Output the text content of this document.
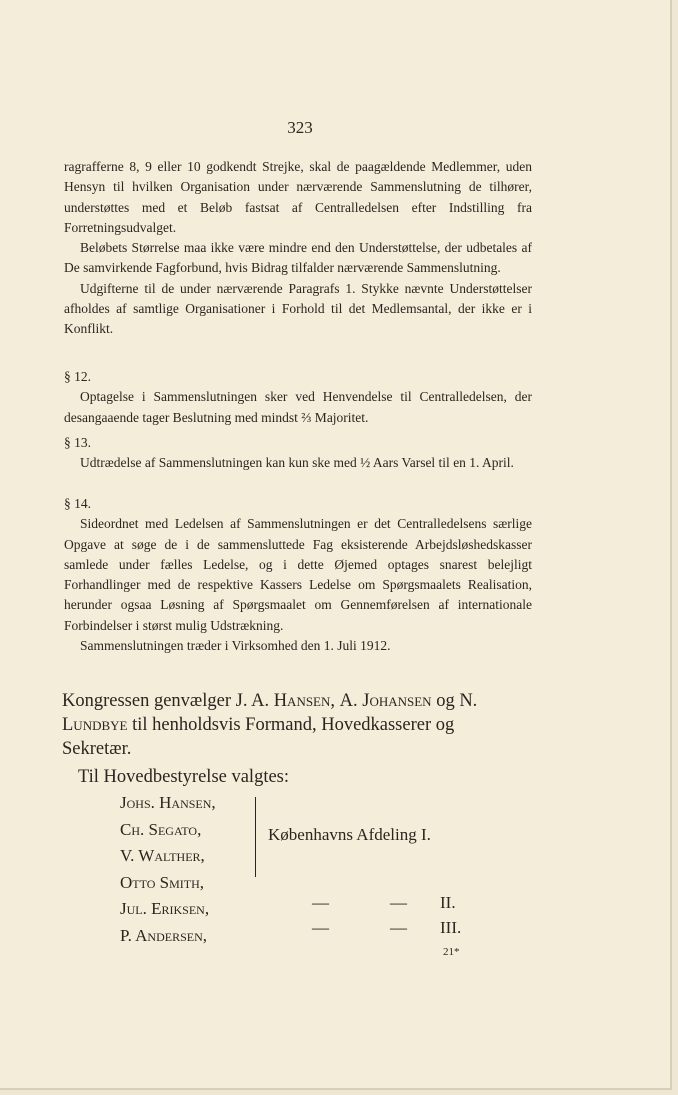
323

ragrafferne 8, 9 eller 10 godkendt Strejke, skal de paagældende Medlemmer, uden Hensyn til hvilken Organisation under nærværende Sammenslutning de tilhører, understøttes med et Beløb fastsat af Centralledelsen efter Indstilling fra Forretningsudvalget.

Beløbets Størrelse maa ikke være mindre end den Understøttelse, der udbetales af De samvirkende Fagforbund, hvis Bidrag tilfalder nærværende Sammenslutning.

Udgifterne til de under nærværende Paragrafs 1. Stykke nævnte Understøttelser afholdes af samtlige Organisationer i Forhold til det Medlemsantal, der ikke er i Konflikt.

§ 12.

Optagelse i Sammenslutningen sker ved Henvendelse til Centralledelsen, der desangaaende tager Beslutning med mindst ⅔ Majoritet.

§ 13.

Udtrædelse af Sammenslutningen kan kun ske med ½ Aars Varsel til en 1. April.

§ 14.

Sideordnet med Ledelsen af Sammenslutningen er det Centralledelsens særlige Opgave at søge de i de sammensluttede Fag eksisterende Arbejdsløshedskasser samlede under fælles Ledelse, og i dette Øjemed optages snarest belejligt Forhandlinger med de respektive Kassers Ledelse om Spørgsmaalets Realisation, herunder ogsaa Løsning af Spørgsmaalet om Gennemførelsen af internationale Forbindelser i størst mulig Udstrækning.

Sammenslutningen træder i Virksomhed den 1. Juli 1912.

Kongressen genvælger J. A. Hansen, A. Johansen og N. Lundbye til henholdsvis Formand, Hovedkasserer og Sekretær.

Til Hovedbestyrelse valgtes:

Johs. Hansen,
Ch. Segato,
V. Walther,
Otto Smith,
Jul. Eriksen,
P. Andersen,
Københavns Afdeling I.
—	— II.
—	— III.
21*
